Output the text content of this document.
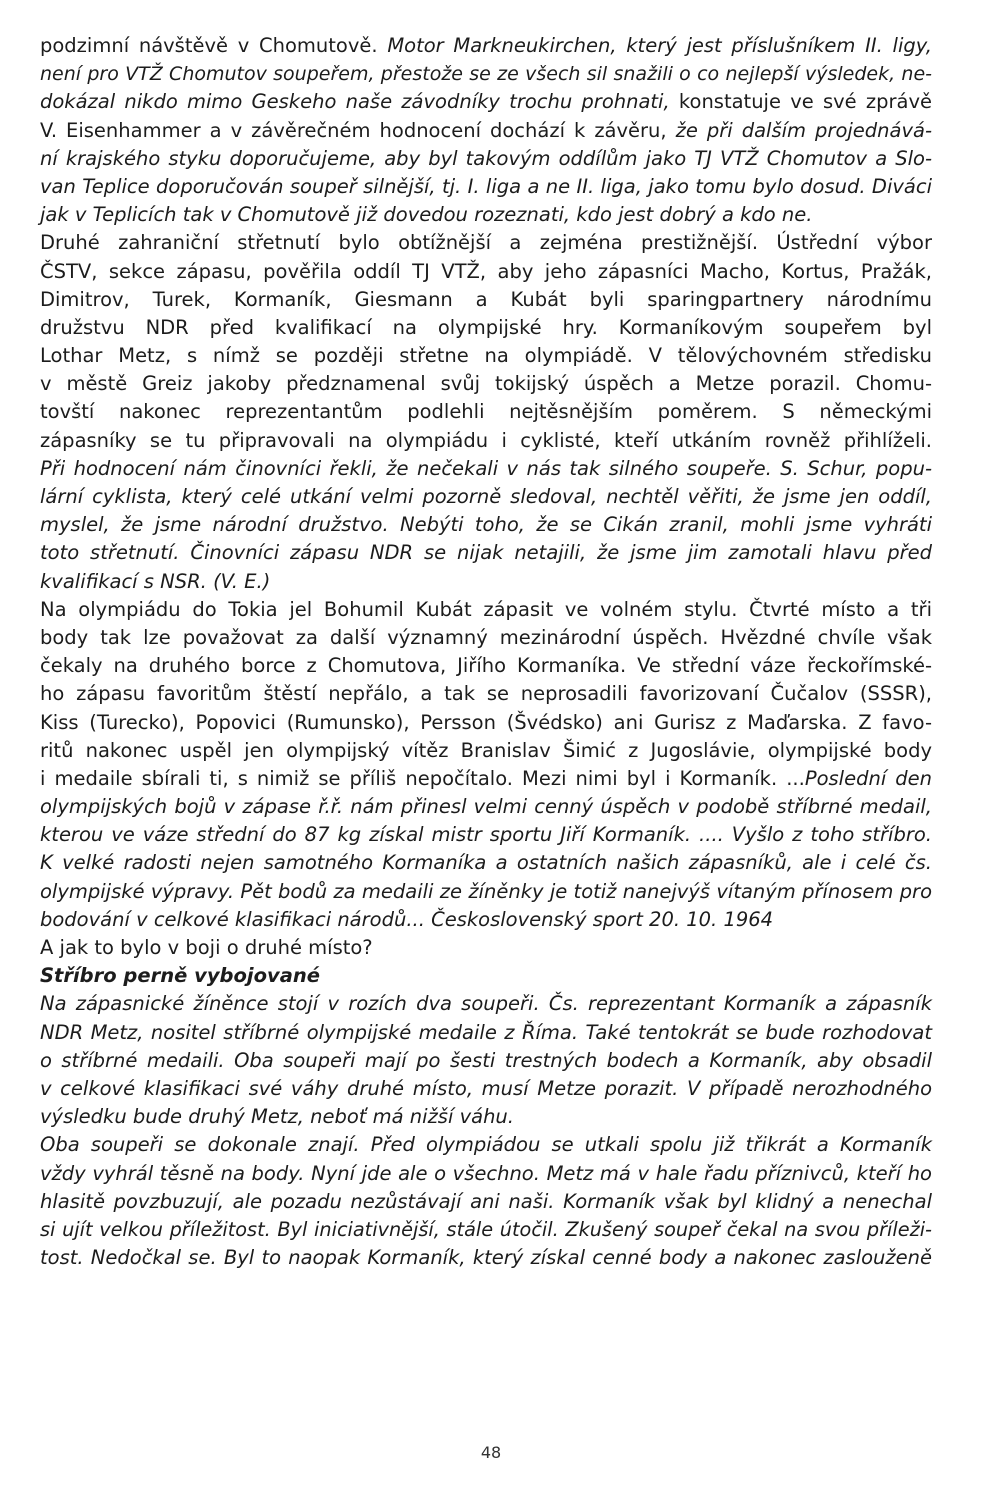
podzimní návštěvě v Chomutově. Motor Markneukirchen, který jest příslušníkem II. ligy,
není pro VTŽ Chomutov soupeřem, přestože se ze všech sil snažili o co nejlepší výsledek, ne-
dokázal nikdo mimo Geskeho naše závodníky trochu prohnati, konstatuje ve své zprávě
V. Eisenhammer a v závěrečném hodnocení dochází k závěru, že při dalším projednává-
ní krajského styku doporučujeme, aby byl takovým oddílům jako TJ VTŽ Chomutov a Slo-
van Teplice doporučován soupeř silnější, tj. I. liga a ne II. liga, jako tomu bylo dosud. Diváci
jak v Teplicích tak v Chomutově již dovedou rozeznati, kdo jest dobrý a kdo ne.
Druhé zahraniční střetnutí bylo obtížnější a zejména prestižnější. Ústřední výbor
ČSTV, sekce zápasu, pověřila oddíl TJ VTŽ, aby jeho zápasníci Macho, Kortus, Pražák,
Dimitrov, Turek, Kormaník, Giesmann a Kubát byli sparingpartnery národnímu
družstvu NDR před kvalifikací na olympijské hry. Kormaníkovým soupeřem byl
Lothar Metz, s nímž se později střetne na olympiádě. V tělovýchovném středisku
v městě Greiz jakoby předznamenal svůj tokijský úspěch a Metze porazil. Chomu-
tovští nakonec reprezentantům podlehli nejtěsnějším poměrem. S německými
zápasníky se tu připravovali na olympiádu i cyklisté, kteří utkáním rovněž přihlíželi.
Při hodnocení nám činovníci řekli, že nečekali v nás tak silného soupeře. S. Schur, popu-
lární cyklista, který celé utkání velmi pozorně sledoval, nechtěl věřiti, že jsme jen oddíl,
myslel, že jsme národní družstvo. Nebýti toho, že se Cikán zranil, mohli jsme vyhráti
toto střetnutí. Činovníci zápasu NDR se nijak netajili, že jsme jim zamotali hlavu před
kvalifikací s NSR. (V. E.)
Na olympiádu do Tokia jel Bohumil Kubát zápasit ve volném stylu. Čtvrté místo a tři
body tak lze považovat za další významný mezinárodní úspěch. Hvězdné chvíle však
čekaly na druhého borce z Chomutova, Jiřího Kormaníka. Ve střední váze řeckořímské-
ho zápasu favoritům štěstí nepřálo, a tak se neprosadili favorizovaní Čučalov (SSSR),
Kiss (Turecko), Popovici (Rumunsko), Persson (Švédsko) ani Gurisz z Maďarska. Z favo-
ritů nakonec uspěl jen olympijský vítěz Branislav Šimić z Jugoslávie, olympijské body
i medaile sbírali ti, s nimiž se příliš nepočítalo. Mezi nimi byl i Kormaník. ...Poslední den
olympijských bojů v zápase ř.ř. nám přinesl velmi cenný úspěch v podobě stříbrné medail,
kterou ve váze střední do 87 kg získal mistr sportu Jiří Kormaník. .... Vyšlo z toho stříbro.
K velké radosti nejen samotného Kormaníka a ostatních našich zápasníků, ale i celé čs.
olympijské výpravy. Pět bodů za medaili ze žíněnky je totiž nanejvýš vítaným přínosem pro
bodování v celkové klasifikaci národů... Československý sport 20. 10. 1964
A jak to bylo v boji o druhé místo?
Stříbro perně vybojované
Na zápasnické žíněnce stojí v rozích dva soupeři. Čs. reprezentant Kormaník a zápasník
NDR Metz, nositel stříbrné olympijské medaile z Říma. Také tentokrát se bude rozhodovat
o stříbrné medaili. Oba soupeři mají po šesti trestných bodech a Kormaník, aby obsadil
v celkové klasifikaci své váhy druhé místo, musí Metze porazit. V případě nerozhodného
výsledku bude druhý Metz, neboť má nižší váhu.
Oba soupeři se dokonale znají. Před olympiádou se utkali spolu již třikrát a Kormaník
vždy vyhrál těsně na body. Nyní jde ale o všechno. Metz má v hale řadu příznivců, kteří ho
hlasitě povzbuzují, ale pozadu nezůstávají ani naši. Kormaník však byl klidný a nenechal
si ujít velkou příležitost. Byl iniciativnější, stále útočil. Zkušený soupeř čekal na svou příleži-
tost. Nedočkal se. Byl to naopak Kormaník, který získal cenné body a nakonec zaslouženě
48
